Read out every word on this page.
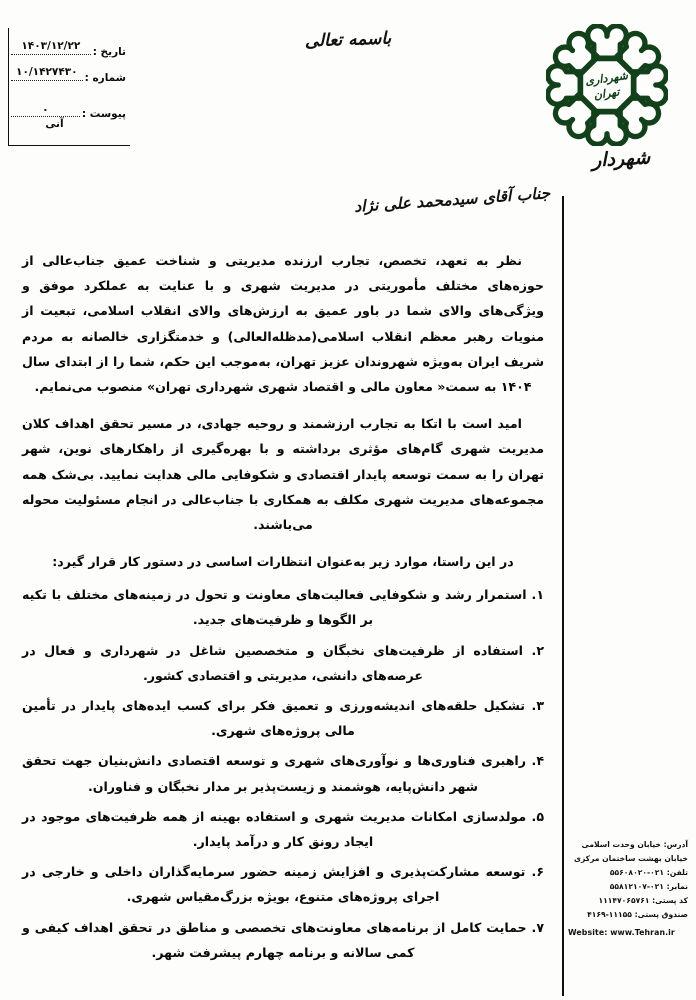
تاریخ :
۱۴۰۳/۱۲/۲۲
شماره :
۱۰/۱۴۲۷۴۳۰
پیوست :
.
آنی
باسمه تعالی
شهرداری
تهران
شهردار
جناب آقای سیدمحمد علی نژاد

نظر به تعهد، تخصص، تجارب ارزنده مدیریتی و شناخت عمیق جناب‌عالی از حوزه‌های مختلف مأموریتی در مدیریت شهری و با عنایت به عملکرد موفق و ویژگی‌های والای شما در باور عمیق به ارزش‌های والای انقلاب اسلامی، تبعیت از منویات رهبر معظم انقلاب اسلامی(مدظله‌العالی) و خدمتگزاری خالصانه به مردم شریف ایران به‌ویژه شهروندان عزیز تهران، به‌موجب این حکم، شما را از ابتدای سال ۱۴۰۴ به سمت« معاون مالی و اقتصاد شهری شهرداری تهران» منصوب می‌نمایم.

امید است با اتکا به تجارب ارزشمند و روحیه جهادی، در مسیر تحقق اهداف کلان مدیریت شهری گام‌های مؤثری برداشته و با بهره‌گیری از راهکارهای نوین، شهر تهران را به سمت توسعه پایدار اقتصادی و شکوفایی مالی هدایت نمایید. بی‌شک همه مجموعه‌های مدیریت شهری مکلف به همکاری با جناب‌عالی در انجام مسئولیت محوله می‌باشند.

در این راستا، موارد زیر به‌عنوان انتظارات اساسی در دستور کار قرار گیرد:

۱. استمرار رشد و شکوفایی فعالیت‌های معاونت و تحول در زمینه‌های مختلف با تکیه بر الگوها و ظرفیت‌های جدید.
۲. استفاده از ظرفیت‌های نخبگان و متخصصین شاغل در شهرداری و فعال در عرصه‌های دانشی، مدیریتی و اقتصادی کشور.
۳. تشکیل حلقه‌های اندیشه‌ورزی و تعمیق فکر برای کسب ایده‌های پایدار در تأمین مالی پروژه‌های شهری.
۴. راهبری فناوری‌ها و نوآوری‌های شهری و توسعه اقتصادی دانش‌بنیان جهت تحقق شهر دانش‌پایه، هوشمند و زیست‌پذیر بر مدار نخبگان و فناوران.
۵. مولدسازی امکانات مدیریت شهری و استفاده بهینه از همه ظرفیت‌های موجود در ایجاد رونق کار و درآمد پایدار.
۶. توسعه مشارکت‌پذیری و افزایش زمینه حضور سرمایه‌گذاران داخلی و خارجی در اجرای پروژه‌های متنوع، بویژه بزرگ‌مقیاس شهری.
۷. حمایت کامل از برنامه‌های معاونت‌های تخصصی و مناطق در تحقق اهداف کیفی و کمی سالانه و برنامه چهارم پیشرفت شهر.
آدرس: خیابان وحدت اسلامی
خیابان بهشت ساختمان مرکزی
تلفن: ۰۲۱-۵۵۶۰۸۰۲۰
نمابر: ۰۲۱-۵۵۸۱۲۱۰۷
کد پستی: ۱۱۱۴۷۰۶۵۷۶۱
صندوق پستی: ۱۱۱۵۵-۴۱۶۹
Website: www.Tehran.ir
